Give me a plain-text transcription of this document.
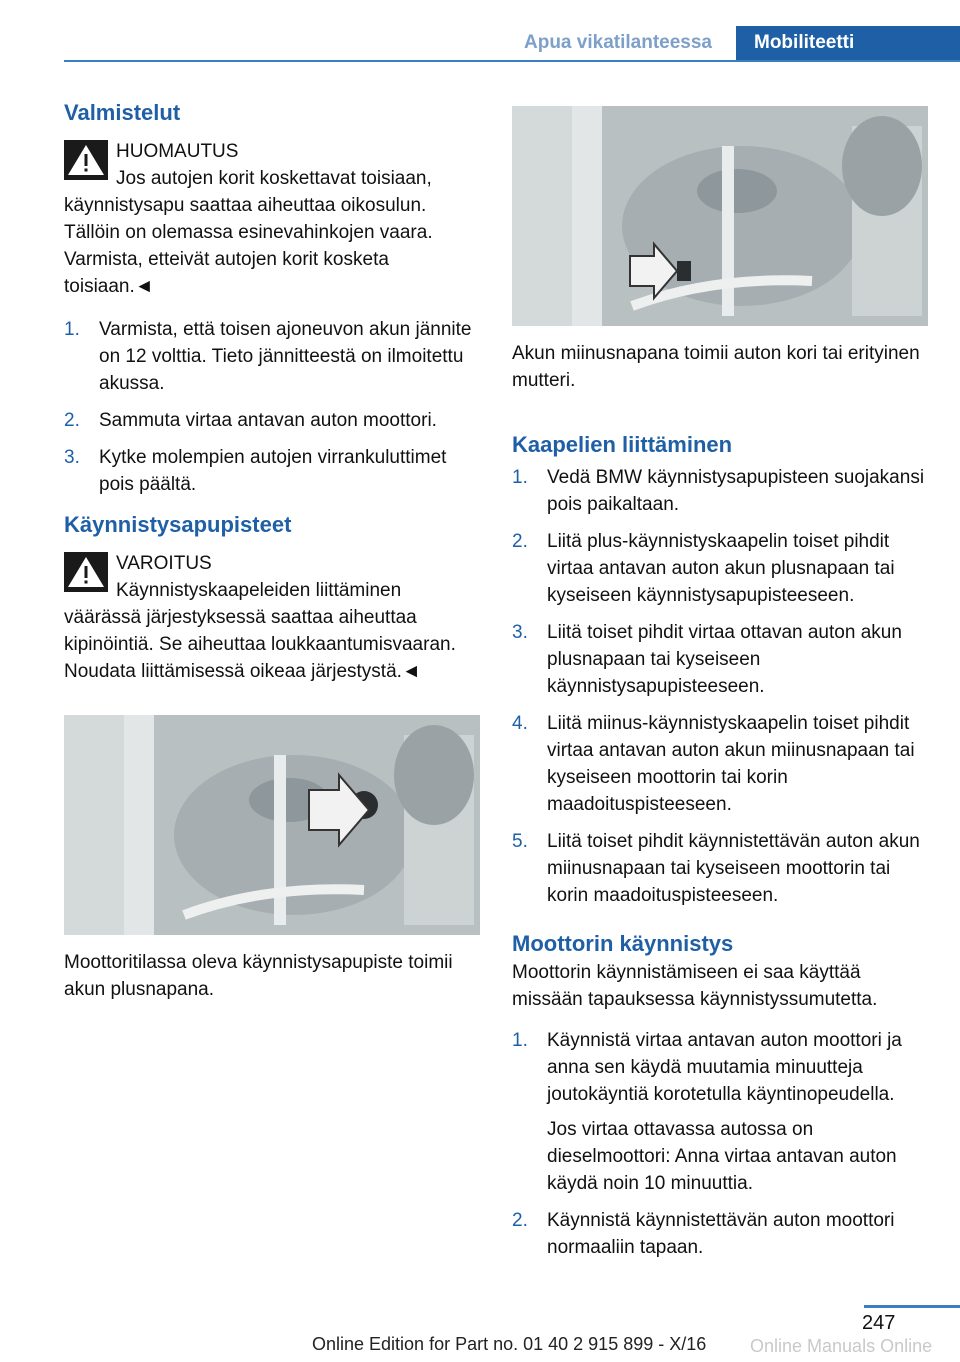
Apua vikatilanteessa	Mobiliteetti
Valmistelut
HUOMAUTUS
Jos autojen korit koskettavat toisiaan, käynnistysapu saattaa aiheuttaa oikosulun. Tällöin on olemassa esinevahinkojen vaara. Varmista, etteivät autojen korit kosketa toisiaan.◄
1. Varmista, että toisen ajoneuvon akun jännite on 12 volttia. Tieto jännitteestä on ilmoitettu akussa.
2. Sammuta virtaa antavan auton moottori.
3. Kytke molempien autojen virrankuluttimet pois päältä.
Käynnistysapupisteet
VAROITUS
Käynnistyskaapeleiden liittäminen väärässä järjestyksessä saattaa aiheuttaa kipinöintiä. Se aiheuttaa loukkaantumisvaaran. Noudata liittämisessä oikeaa järjestystä.◄
Moottoritilassa oleva käynnistysapupiste toimii akun plusnapana.
Akun miinusnapana toimii auton kori tai erityinen mutteri.
Kaapelien liittäminen
1. Vedä BMW käynnistysapupisteen suojakansi pois paikaltaan.
2. Liitä plus-käynnistyskaapelin toiset pihdit virtaa antavan auton akun plusnapaan tai kyseiseen käynnistysapupisteeseen.
3. Liitä toiset pihdit virtaa ottavan auton akun plusnapaan tai kyseiseen käynnistysapupisteeseen.
4. Liitä miinus-käynnistyskaapelin toiset pihdit virtaa antavan auton akun miinusnapaan tai kyseiseen moottorin tai korin maadoituspisteeseen.
5. Liitä toiset pihdit käynnistettävän auton akun miinusnapaan tai kyseiseen moottorin tai korin maadoituspisteeseen.
Moottorin käynnistys

Moottorin käynnistämiseen ei saa käyttää missään tapauksessa käynnistyssumutetta.

1. Käynnistä virtaa antavan auton moottori ja anna sen käydä muutamia minuutteja joutokäyntiä korotetulla käyntinopeudella.
Jos virtaa ottavassa autossa on dieselmoottori: Anna virtaa antavan auton käydä noin 10 minuuttia.
2. Käynnistä käynnistettävän auton moottori normaaliin tapaan.
247
Online Edition for Part no. 01 40 2 915 899 - X/16 Online Manuals Online
